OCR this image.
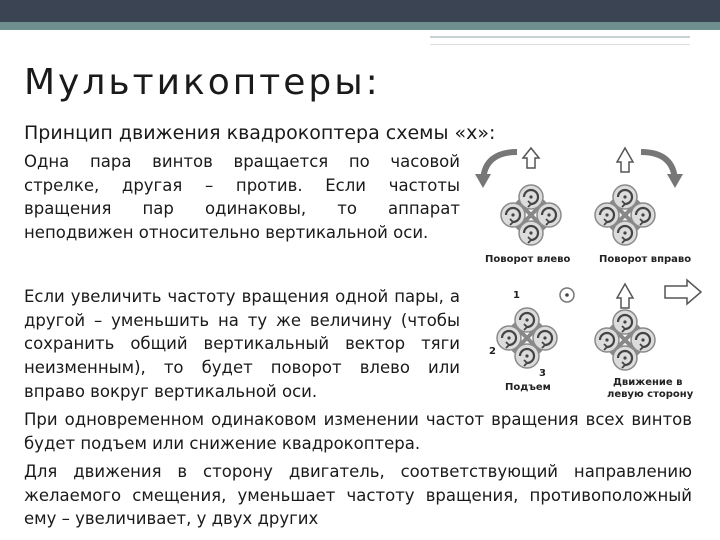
Мультикоптеры:
Принцип движения квадрокоптера схемы «х»:

Одна пара винтов вращается по часовой стрелке, другая – против. Если частоты вращения пар одинаковы, то аппарат неподвижен относительно вертикальной оси.

Если увеличить частоту вращения одной пары, а другой – уменьшить на ту же величину (чтобы сохранить общий вертикальный вектор тяги неизменным), то будет поворот влево или вправо вокруг вертикальной оси.

При одновременном одинаковом изменении частот вращения всех винтов будет подъем или снижение квадрокоптера.

Для движения в сторону двигатель, соответствующий направлению желаемого смещения, уменьшает частоту вращения, противоположный ему – увеличивает, у двух других

Поворот влево	Поворот вправо
1
2
3
Подъем	Движение в
левую сторону
